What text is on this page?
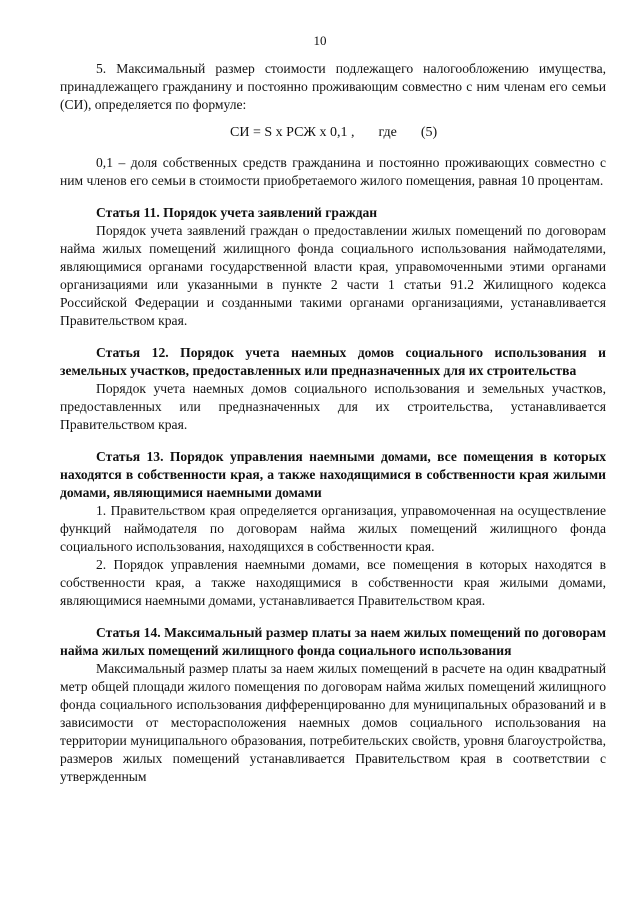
10

5. Максимальный размер стоимости подлежащего налогообложению имущества, принадлежащего гражданину и постоянно проживающим совместно с ним членам его семьи (СИ), определяется по формуле:

СИ = S х РСЖ х 0,1 , где (5)

0,1 – доля собственных средств гражданина и постоянно проживающих совместно с ним членов его семьи в стоимости приобретаемого жилого помещения, равная 10 процентам.

Статья 11. Порядок учета заявлений граждан

Порядок учета заявлений граждан о предоставлении жилых помещений по договорам найма жилых помещений жилищного фонда социального использования наймодателями, являющимися органами государственной власти края, управомоченными этими органами организациями или указанными в пункте 2 части 1 статьи 91.2 Жилищного кодекса Российской Федерации и созданными такими органами организациями, устанавливается Правительством края.

Статья 12. Порядок учета наемных домов социального использования и земельных участков, предоставленных или предназначенных для их строительства

Порядок учета наемных домов социального использования и земельных участков, предоставленных или предназначенных для их строительства, устанавливается Правительством края.

Статья 13. Порядок управления наемными домами, все помещения в которых находятся в собственности края, а также находящимися в собственности края жилыми домами, являющимися наемными домами

1. Правительством края определяется организация, управомоченная на осуществление функций наймодателя по договорам найма жилых помещений жилищного фонда социального использования, находящихся в собственности края.

2. Порядок управления наемными домами, все помещения в которых находятся в собственности края, а также находящимися в собственности края жилыми домами, являющимися наемными домами, устанавливается Правительством края.

Статья 14. Максимальный размер платы за наем жилых помещений по договорам найма жилых помещений жилищного фонда социального использования

Максимальный размер платы за наем жилых помещений в расчете на один квадратный метр общей площади жилого помещения по договорам найма жилых помещений жилищного фонда социального использования дифференцированно для муниципальных образований и в зависимости от месторасположения наемных домов социального использования на территории муниципального образования, потребительских свойств, уровня благоустройства, размеров жилых помещений устанавливается Правительством края в соответствии с утвержденным
